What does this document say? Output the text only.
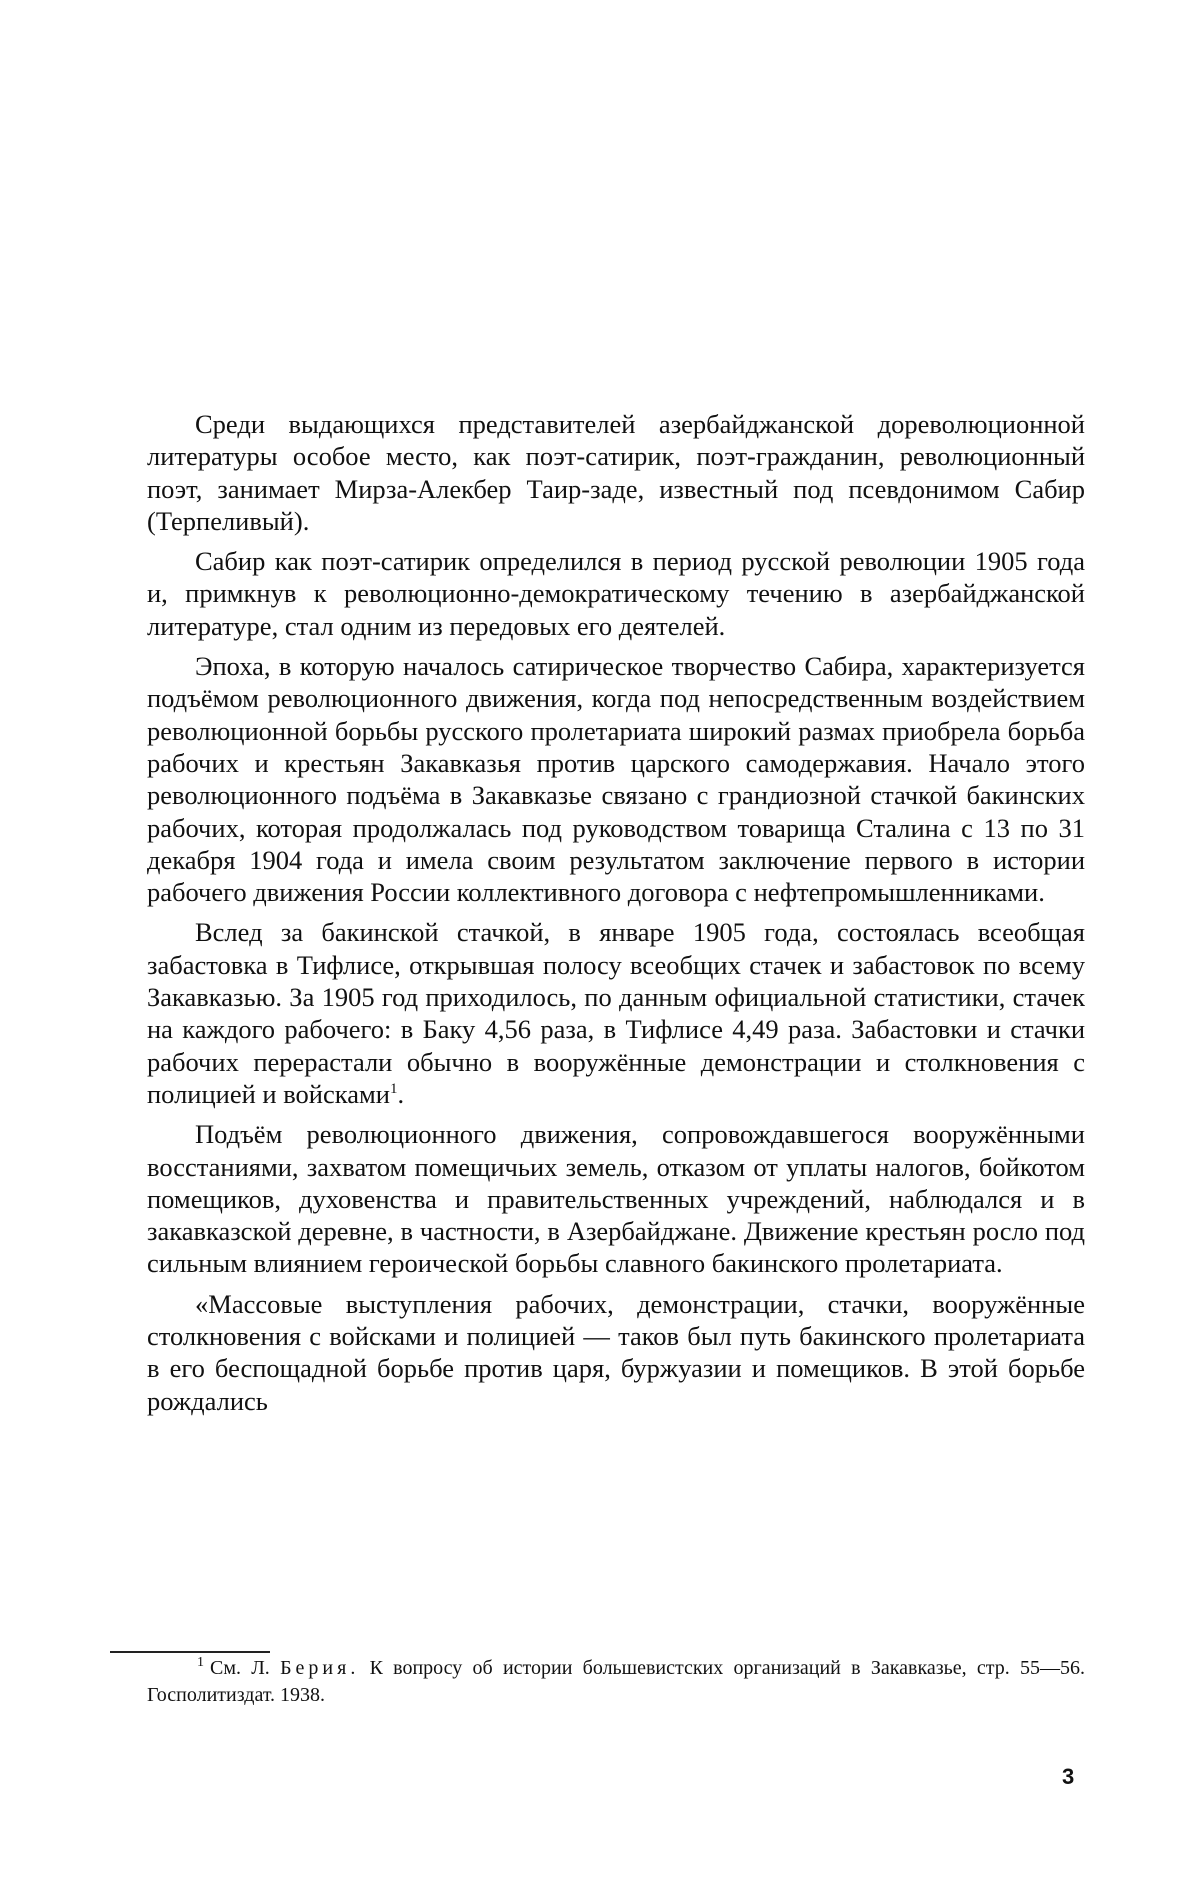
Среди выдающихся представителей азербайджанской дореволюционной литературы особое место, как поэт-сатирик, поэт-гражданин, революционный поэт, занимает Мирза-Алекбер Таир-заде, известный под псевдонимом Сабир (Терпеливый).

Сабир как поэт-сатирик определился в период русской революции 1905 года и, примкнув к революционно-демократическому течению в азербайджанской литературе, стал одним из передовых его деятелей.

Эпоха, в которую началось сатирическое творчество Сабира, характеризуется подъёмом революционного движения, когда под непосредственным воздействием революционной борьбы русского пролетариата широкий размах приобрела борьба рабочих и крестьян Закавказья против царского самодержавия. Начало этого революционного подъёма в Закавказье связано с грандиозной стачкой бакинских рабочих, которая продолжалась под руководством товарища Сталина с 13 по 31 декабря 1904 года и имела своим результатом заключение первого в истории рабочего движения России коллективного договора с нефтепромышленниками.

Вслед за бакинской стачкой, в январе 1905 года, состоялась всеобщая забастовка в Тифлисе, открывшая полосу всеобщих стачек и забастовок по всему Закавказью. За 1905 год приходилось, по данным официальной статистики, стачек на каждого рабочего: в Баку 4,56 раза, в Тифлисе 4,49 раза. Забастовки и стачки рабочих перерастали обычно в вооружённые демонстрации и столкновения с полицией и войсками$^1$.

Подъём революционного движения, сопровождавшегося вооружёнными восстаниями, захватом помещичьих земель, отказом от уплаты налогов, бойкотом помещиков, духовенства и правительственных учреждений, наблюдался и в закавказской деревне, в частности, в Азербайджане. Движение крестьян росло под сильным влиянием героической борьбы славного бакинского пролетариата.

«Массовые выступления рабочих, демонстрации, стачки, вооружённые столкновения с войсками и полицией — таков был путь бакинского пролетариата в его беспощадной борьбе против царя, буржуазии и помещиков. В этой борьбе рождались

$^1$ См. Л. Берия. К вопросу об истории большевистских организаций в Закавказье, стр. 55—56. Госполитиздат. 1938.

3
